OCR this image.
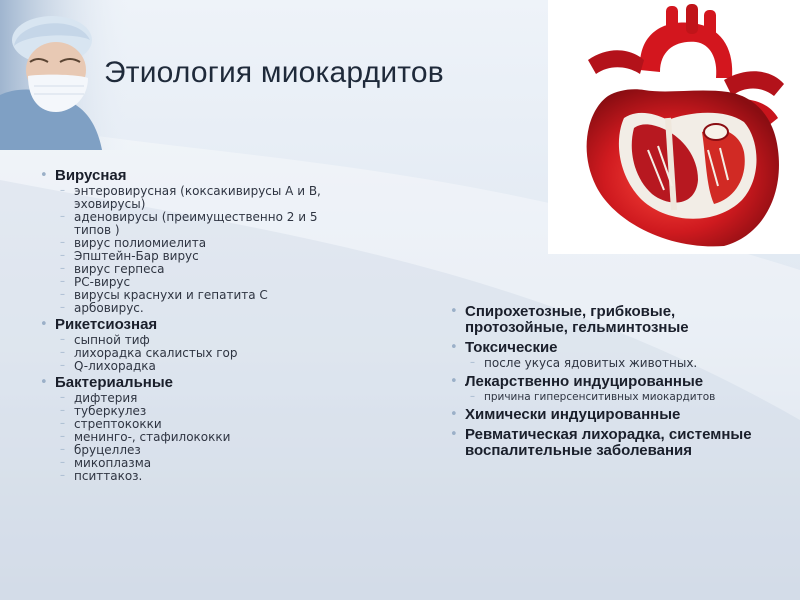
Этиология миокардитов
• Вирусная
– энтеровирусная (коксакивирусы А и В, эховирусы)
– аденовирусы (преимущественно 2 и 5 типов )
– вирус полиомиелита
– Эпштейн-Бар вирус
– вирус герпеса
– РС-вирус
– вирусы краснухи и гепатита С
– арбовирус.
• Рикетсиозная
– сыпной тиф
– лихорадка скалистых гор
– Q-лихорадка
• Бактериальные
– дифтерия
– туберкулез
– стрептококки
– менинго-, стафилококки
– бруцеллез
– микоплазма
– пситтакоз.
• Спирохетозные, грибковые, протозойные, гельминтозные
• Токсические
– после укуса ядовитых животных.
• Лекарственно индуцированные
– причина гиперсенситивных миокардитов
• Химически индуцированные
• Ревматическая лихорадка, системные воспалительные заболевания
